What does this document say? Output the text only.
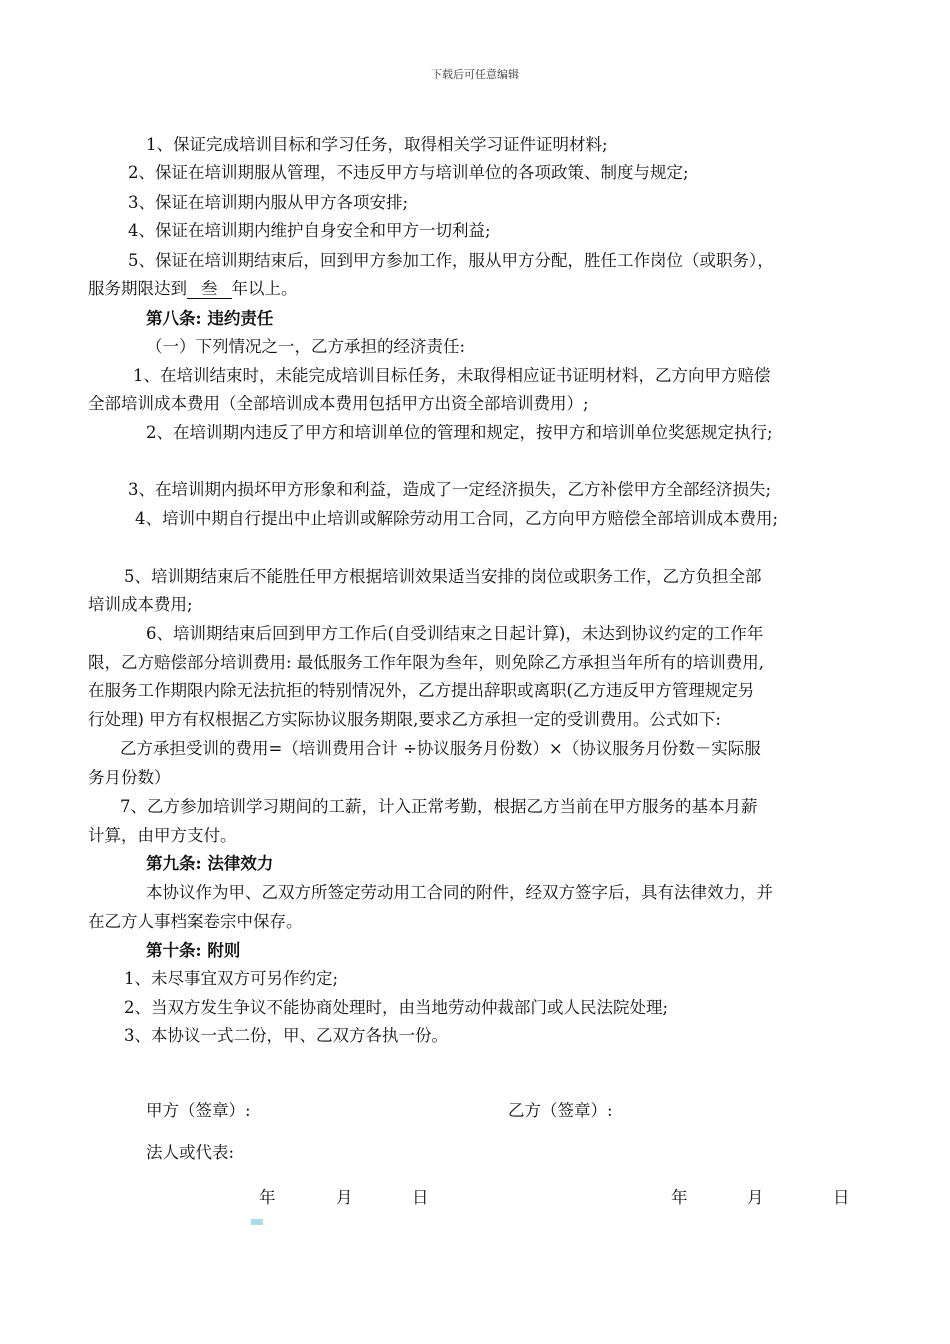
下载后可任意编辑
1、保证完成培训目标和学习任务，取得相关学习证件证明材料;
2、保证在培训期服从管理，不违反甲方与培训单位的各项政策、制度与规定;
3、保证在培训期内服从甲方各项安排;
4、保证在培训期内维护自身安全和甲方一切利益;
5、保证在培训期结束后，回到甲方参加工作，服从甲方分配，胜任工作岗位（或职务），
服务期限达到 叁 年以上。
第八条: 违约责任
（一）下列情况之一，乙方承担的经济责任:
1、在培训结束时，未能完成培训目标任务，未取得相应证书证明材料，乙方向甲方赔偿
全部培训成本费用（全部培训成本费用包括甲方出资全部培训费用）;
2、在培训期内违反了甲方和培训单位的管理和规定，按甲方和培训单位奖惩规定执行;
3、在培训期内损坏甲方形象和利益，造成了一定经济损失，乙方补偿甲方全部经济损失;
4、培训中期自行提出中止培训或解除劳动用工合同，乙方向甲方赔偿全部培训成本费用;
5、培训期结束后不能胜任甲方根据培训效果适当安排的岗位或职务工作，乙方负担全部
培训成本费用;
6、培训期结束后回到甲方工作后(自受训结束之日起计算)，未达到协议约定的工作年
限，乙方赔偿部分培训费用: 最低服务工作年限为叁年，则免除乙方承担当年所有的培训费用,
在服务工作期限内除无法抗拒的特别情况外，乙方提出辞职或离职(乙方违反甲方管理规定另
行处理) 甲方有权根据乙方实际协议服务期限,要求乙方承担一定的受训费用。公式如下:
乙方承担受训的费用=（培训费用合计 ÷协议服务月份数）×（协议服务月份数－实际服
务月份数）
7、乙方参加培训学习期间的工薪，计入正常考勤，根据乙方当前在甲方服务的基本月薪
计算，由甲方支付。
第九条: 法律效力
本协议作为甲、乙双方所签定劳动用工合同的附件，经双方签字后，具有法律效力，并
在乙方人事档案卷宗中保存。
第十条: 附则
1、未尽事宜双方可另作约定;
2、当双方发生争议不能协商处理时，由当地劳动仲裁部门或人民法院处理;
3、本协议一式二份，甲、乙双方各执一份。
甲方（签章）:	乙方（签章）:
法人或代表:
年	月	日	年	月	日
